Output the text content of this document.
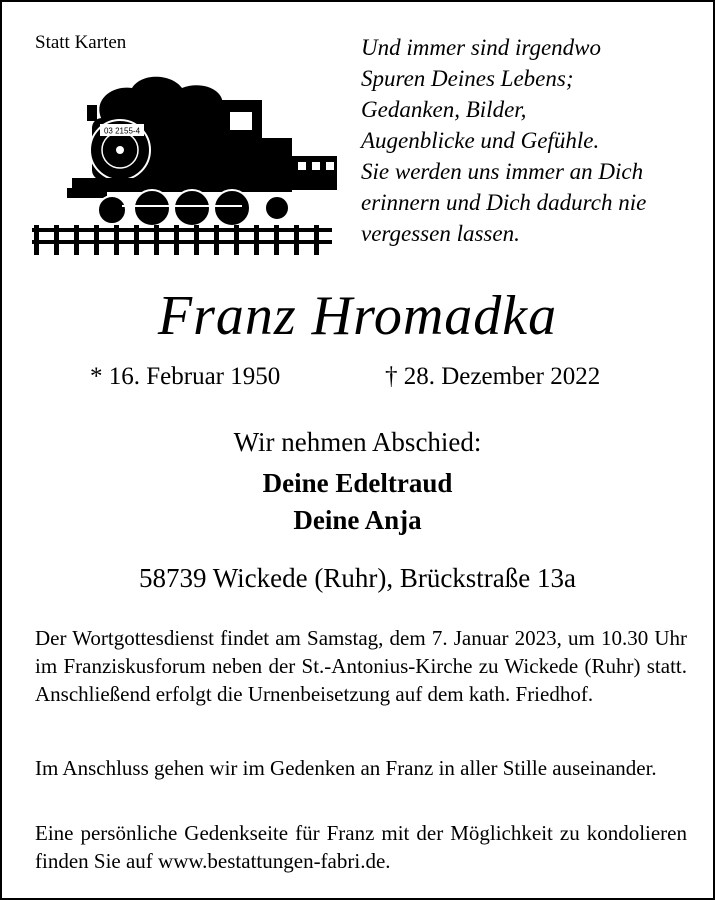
Statt Karten
03 2155-4
Und immer sind irgendwo
Spuren Deines Lebens;
Gedanken, Bilder,
Augenblicke und Gefühle.
Sie werden uns immer an Dich
erinnern und Dich dadurch nie
vergessen lassen.
Franz Hromadka
* 16. Februar 1950	† 28. Dezember 2022
Wir nehmen Abschied:
Deine Edeltraud
Deine Anja
58739 Wickede (Ruhr), Brückstraße 13a
Der Wortgottesdienst findet am Samstag, dem 7. Januar 2023, um 10.30 Uhr im Franziskusforum neben der St.-Antonius-Kirche zu Wickede (Ruhr) statt. Anschließend erfolgt die Urnenbeisetzung auf dem kath. Friedhof.
Im Anschluss gehen wir im Gedenken an Franz in aller Stille auseinander.
Eine persönliche Gedenkseite für Franz mit der Möglichkeit zu kondolieren finden Sie auf www.bestattungen-fabri.de.
